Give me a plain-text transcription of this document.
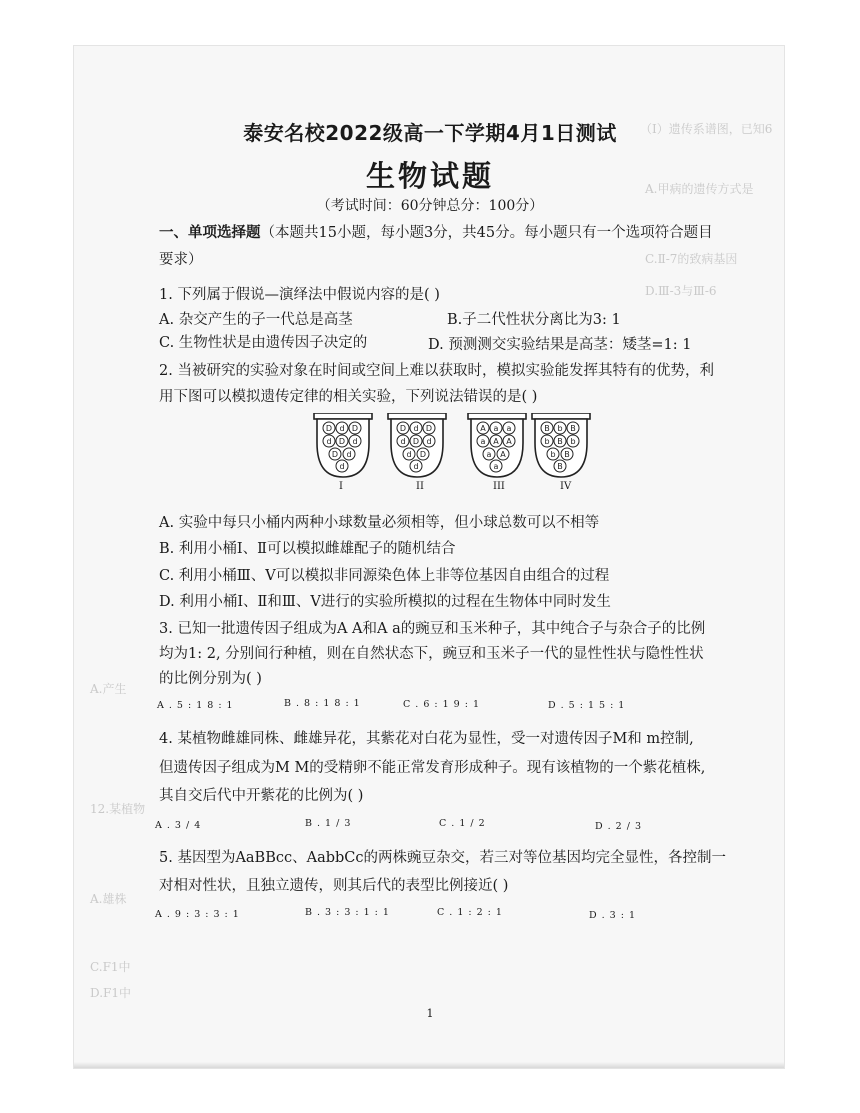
（Ⅰ）遗传系谱图，已知6
A.甲病的遗传方式是
C.Ⅱ-7的致病基因
D.Ⅲ-3与Ⅲ-6
A.产生
12.某植物
A.雄株
C.F1中
D.F1中
泰安名校2022级高一下学期4月1日测试
生物试题
（考试时间：60分钟总分：100分）
一、单项选择题（本题共15小题，每小题3分，共45分。每小题只有一个选项符合题目
要求）
1. 下列属于假说—演绎法中假说内容的是( )
A. 杂交产生的子一代总是高茎	B.子二代性状分离比为3: 1
C. 生物性状是由遗传因子决定的	D. 预测测交实验结果是高茎：矮茎=1: 1
2. 当被研究的实验对象在时间或空间上难以获取时，模拟实验能发挥其特有的优势，利
用下图可以模拟遗传定律的相关实验，下列说法错误的是( )
D d D
d D d
D d
d
D d D
d D d
d D
d
A a a
a A A
a A
a
B b B
b B b
b B
B
I	II	III	IV
A. 实验中每只小桶内两种小球数量必须相等，但小球总数可以不相等
B. 利用小桶Ⅰ、Ⅱ可以模拟雌雄配子的随机结合
C. 利用小桶Ⅲ、Ⅴ可以模拟非同源染色体上非等位基因自由组合的过程
D. 利用小桶Ⅰ、Ⅱ和Ⅲ、Ⅴ进行的实验所模拟的过程在生物体中同时发生
3. 已知一批遗传因子组成为A A和A a的豌豆和玉米种子，其中纯合子与杂合子的比例
均为1: 2, 分别间行种植，则在自然状态下，豌豆和玉米子一代的显性性状与隐性性状
的比例分别为( )
A . 5 : 1 8 : 1	B . 8 : 1 8 : 1	C . 6 : 1 9 : 1	D . 5 : 1 5 : 1
4. 某植物雌雄同株、雌雄异花，其紫花对白花为显性，受一对遗传因子M和 m控制,
但遗传因子组成为M M的受精卵不能正常发育形成种子。现有该植物的一个紫花植株,
其自交后代中开紫花的比例为( )
A . 3 / 4	B . 1 / 3	C . 1 / 2	D . 2 / 3
5. 基因型为AaBBcc、AabbCc的两株豌豆杂交，若三对等位基因均完全显性，各控制一
对相对性状，且独立遗传，则其后代的表型比例接近( )
A . 9 : 3 : 3 : 1	B . 3 : 3 : 1 : 1	C . 1 : 2 : 1	D . 3 : 1
1
